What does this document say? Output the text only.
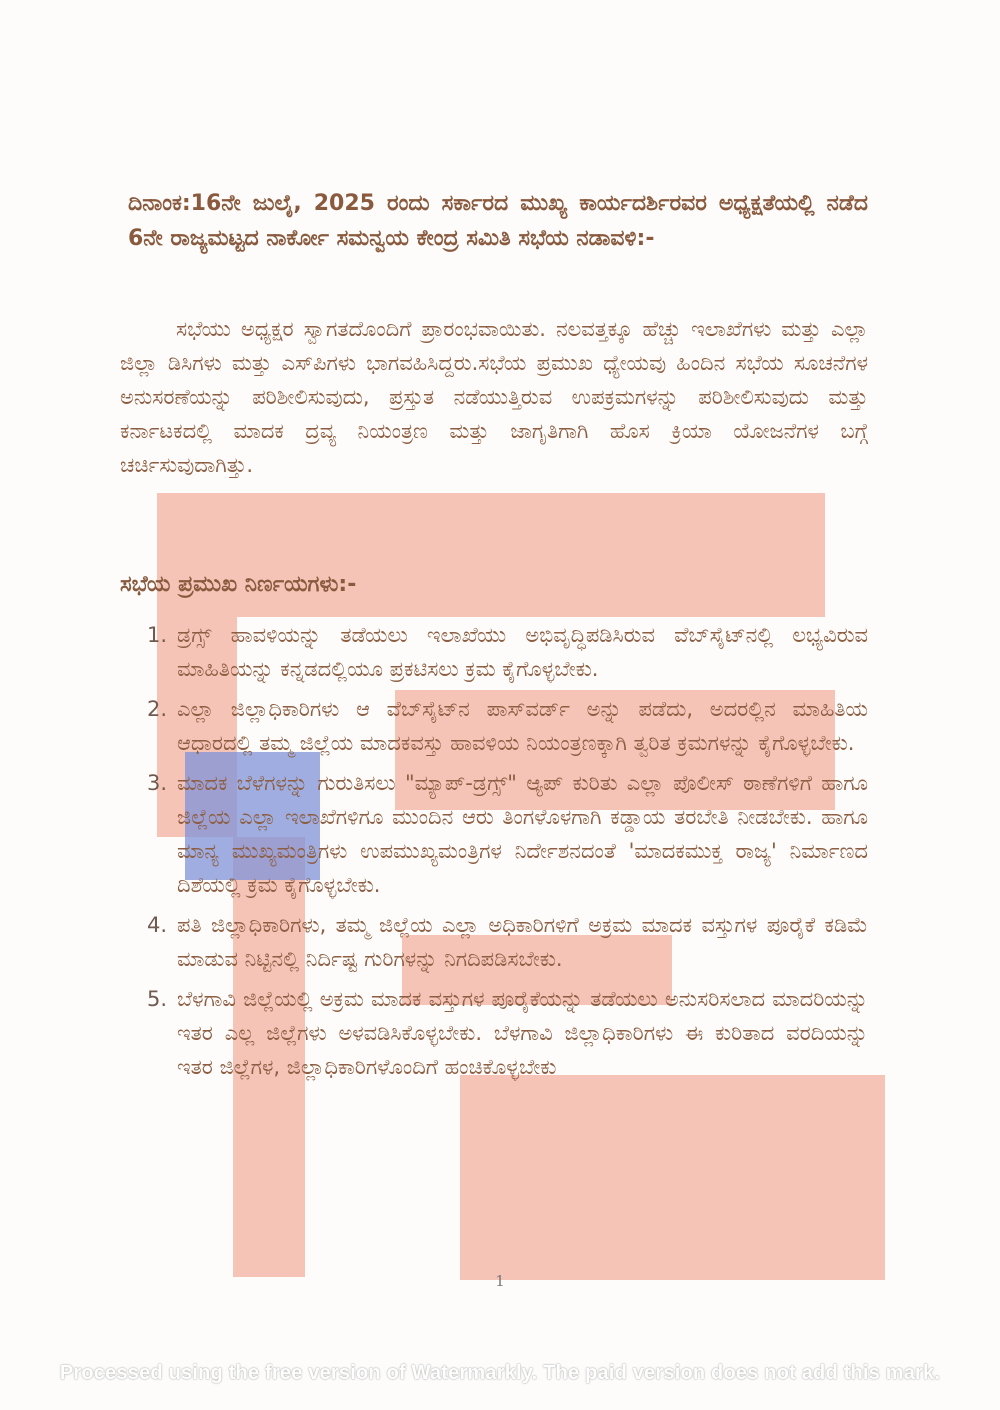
ದಿನಾಂಕ:16ನೇ ಜುಲೈ, 2025 ರಂದು ಸರ್ಕಾರದ ಮುಖ್ಯ ಕಾರ್ಯದರ್ಶಿರವರ ಅಧ್ಯಕ್ಷತೆಯಲ್ಲಿ ನಡೆದ 6ನೇ ರಾಜ್ಯಮಟ್ಟದ ನಾರ್ಕೋ ಸಮನ್ವಯ ಕೇಂದ್ರ ಸಮಿತಿ ಸಭೆಯ ನಡಾವಳಿ:-
ಸಭೆಯು ಅಧ್ಯಕ್ಷರ ಸ್ವಾಗತದೊಂದಿಗೆ ಪ್ರಾರಂಭವಾಯಿತು. ನಲವತ್ತಕ್ಕೂ ಹೆಚ್ಚು ಇಲಾಖೆಗಳು ಮತ್ತು ಎಲ್ಲಾ ಜಿಲ್ಲಾ ಡಿಸಿಗಳು ಮತ್ತು ಎಸ್‌ಪಿಗಳು ಭಾಗವಹಿಸಿದ್ದರು.ಸಭೆಯ ಪ್ರಮುಖ ಧ್ಯೇಯವು ಹಿಂದಿನ ಸಭೆಯ ಸೂಚನೆಗಳ ಅನುಸರಣೆಯನ್ನು ಪರಿಶೀಲಿಸುವುದು, ಪ್ರಸ್ತುತ ನಡೆಯುತ್ತಿರುವ ಉಪಕ್ರಮಗಳನ್ನು ಪರಿಶೀಲಿಸುವುದು ಮತ್ತು ಕರ್ನಾಟಕದಲ್ಲಿ ಮಾದಕ ದ್ರವ್ಯ ನಿಯಂತ್ರಣ ಮತ್ತು ಜಾಗೃತಿಗಾಗಿ ಹೊಸ ಕ್ರಿಯಾ ಯೋಜನೆಗಳ ಬಗ್ಗೆ ಚರ್ಚಿಸುವುದಾಗಿತ್ತು.
ಸಭೆಯ ಪ್ರಮುಖ ನಿರ್ಣಯಗಳು:-
1. ಡ್ರಗ್ಸ್ ಹಾವಳಿಯನ್ನು ತಡೆಯಲು ಇಲಾಖೆಯು ಅಭಿವೃದ್ಧಿಪಡಿಸಿರುವ ವೆಬ್‌ಸೈಟ್‌ನಲ್ಲಿ ಲಭ್ಯವಿರುವ ಮಾಹಿತಿಯನ್ನು ಕನ್ನಡದಲ್ಲಿಯೂ ಪ್ರಕಟಿಸಲು ಕ್ರಮ ಕೈಗೊಳ್ಳಬೇಕು.
2. ಎಲ್ಲಾ ಜಿಲ್ಲಾಧಿಕಾರಿಗಳು ಆ ವೆಬ್‌ಸೈಟ್‌ನ ಪಾಸ್‌ವರ್ಡ್ ಅನ್ನು ಪಡೆದು, ಅದರಲ್ಲಿನ ಮಾಹಿತಿಯ ಆಧಾರದಲ್ಲಿ ತಮ್ಮ ಜಿಲ್ಲೆಯ ಮಾದಕವಸ್ತು ಹಾವಳಿಯ ನಿಯಂತ್ರಣಕ್ಕಾಗಿ ತ್ವರಿತ ಕ್ರಮಗಳನ್ನು ಕೈಗೊಳ್ಳಬೇಕು.
3. ಮಾದಕ ಬೆಳೆಗಳನ್ನು ಗುರುತಿಸಲು "ಮ್ಯಾಪ್-ಡ್ರಗ್ಸ್" ಆ್ಯಪ್ ಕುರಿತು ಎಲ್ಲಾ ಪೊಲೀಸ್ ಠಾಣೆಗಳಿಗೆ ಹಾಗೂ ಜಿಲ್ಲೆಯ ಎಲ್ಲಾ ಇಲಾಖೆಗಳಿಗೂ ಮುಂದಿನ ಆರು ತಿಂಗಳೊಳಗಾಗಿ ಕಡ್ಡಾಯ ತರಬೇತಿ ನೀಡಬೇಕು. ಹಾಗೂ ಮಾನ್ಯ ಮುಖ್ಯಮಂತ್ರಿಗಳು ಉಪಮುಖ್ಯಮಂತ್ರಿಗಳ ನಿರ್ದೇಶನದಂತೆ 'ಮಾದಕಮುಕ್ತ ರಾಜ್ಯ' ನಿರ್ಮಾಣದ ದಿಶೆಯಲ್ಲಿ ಕ್ರಮ ಕೈಗೊಳ್ಳಬೇಕು.
4. ಪತಿ ಜಿಲ್ಲಾಧಿಕಾರಿಗಳು, ತಮ್ಮ ಜಿಲ್ಲೆಯ ಎಲ್ಲಾ ಅಧಿಕಾರಿಗಳಿಗೆ ಅಕ್ರಮ ಮಾದಕ ವಸ್ತುಗಳ ಪೂರೈಕೆ ಕಡಿಮೆ ಮಾಡುವ ನಿಟ್ಟಿನಲ್ಲಿ ನಿರ್ದಿಷ್ಟ ಗುರಿಗಳನ್ನು ನಿಗದಿಪಡಿಸಬೇಕು.
5. ಬೆಳಗಾವಿ ಜಿಲ್ಲೆಯಲ್ಲಿ ಅಕ್ರಮ ಮಾದಕ ವಸ್ತುಗಳ ಪೂರೈಕೆಯನ್ನು ತಡೆಯಲು ಅನುಸರಿಸಲಾದ ಮಾದರಿಯನ್ನು ಇತರ ಎಲ್ಲ ಜಿಲ್ಲೆಗಳು ಅಳವಡಿಸಿಕೊಳ್ಳಬೇಕು. ಬೆಳಗಾವಿ ಜಿಲ್ಲಾಧಿಕಾರಿಗಳು ಈ ಕುರಿತಾದ ವರದಿಯನ್ನು ಇತರ ಜಿಲ್ಲೆಗಳ, ಜಿಲ್ಲಾಧಿಕಾರಿಗಳೊಂದಿಗೆ ಹಂಚಿಕೊಳ್ಳಬೇಕು
1
Processed using the free version of Watermarkly. The paid version does not add this mark.
